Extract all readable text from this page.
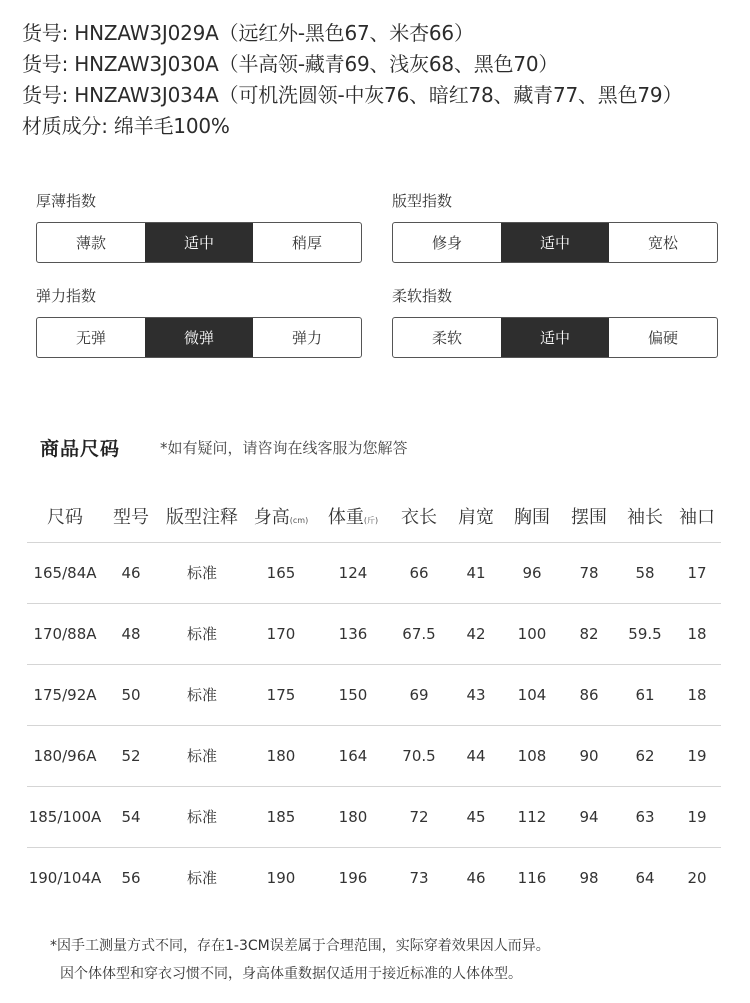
货号: HNZAW3J029A（远红外-黑色67、米杏66）
货号: HNZAW3J030A（半高领-藏青69、浅灰68、黑色70）
货号: HNZAW3J034A（可机洗圆领-中灰76、暗红78、藏青77、黑色79）
材质成分: 绵羊毛100%
厚薄指数
薄款	适中	稍厚
版型指数
修身	适中	宽松
弹力指数
无弹	微弹	弹力
柔软指数
柔软	适中	偏硬
商品尺码	*如有疑问，请咨询在线客服为您解答
尺码	型号	版型注释	身高(cm)	体重(斤)	衣长	肩宽	胸围	摆围	袖长	袖口
165/84A	46	标准	165	124	66	41	96	78	58	17
170/88A	48	标准	170	136	67.5	42	100	82	59.5	18
175/92A	50	标准	175	150	69	43	104	86	61	18
180/96A	52	标准	180	164	70.5	44	108	90	62	19
185/100A	54	标准	185	180	72	45	112	94	63	19
190/104A	56	标准	190	196	73	46	116	98	64	20
*因手工测量方式不同，存在1-3CM误差属于合理范围，实际穿着效果因人而异。
因个体体型和穿衣习惯不同，身高体重数据仅适用于接近标准的人体体型。
